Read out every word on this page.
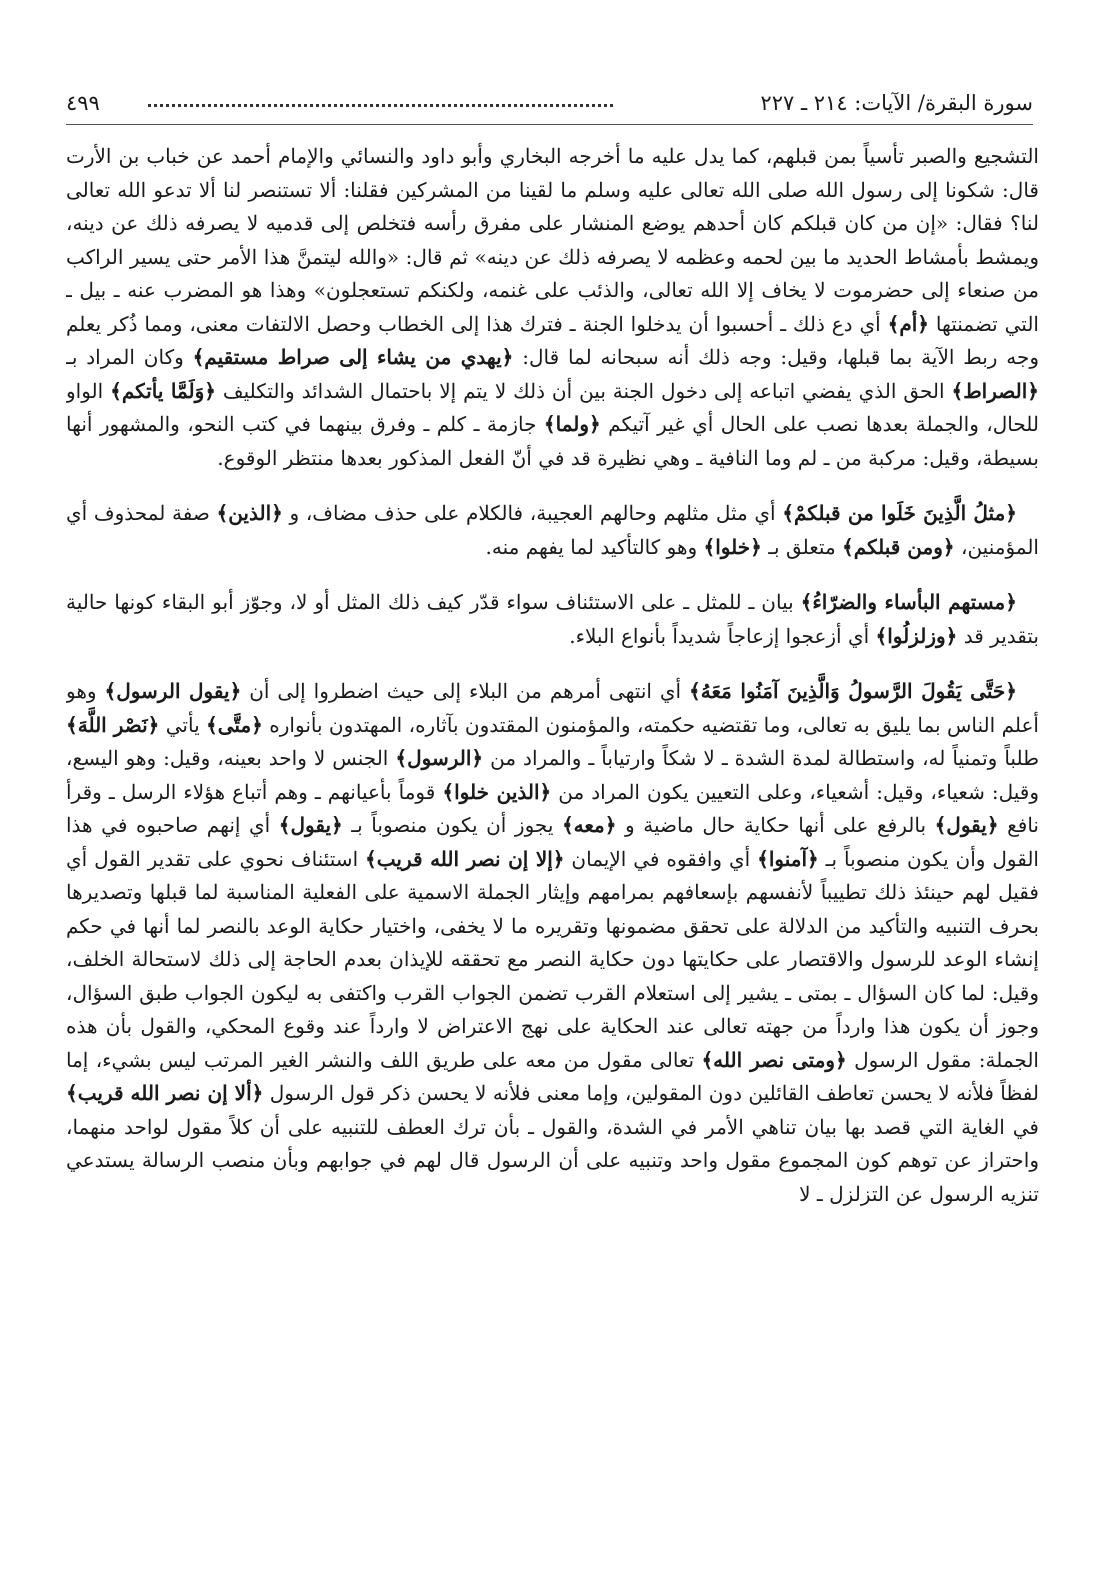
سورة البقرة/ الآيات: ٢١٤ ـ ٢٢٧
٤٩٩

التشجيع والصبر تأسياً بمن قبلهم، كما يدل عليه ما أخرجه البخاري وأبو داود والنسائي والإمام أحمد عن خباب بن الأرت قال: شكونا إلى رسول الله صلى الله تعالى عليه وسلم ما لقينا من المشركين فقلنا: ألا تستنصر لنا ألا تدعو الله تعالى لنا؟ فقال: «إن من كان قبلكم كان أحدهم يوضع المنشار على مفرق رأسه فتخلص إلى قدميه لا يصرفه ذلك عن دينه، ويمشط بأمشاط الحديد ما بين لحمه وعظمه لا يصرفه ذلك عن دينه» ثم قال: «والله ليتمنَّ هذا الأمر حتى يسير الراكب من صنعاء إلى حضرموت لا يخاف إلا الله تعالى، والذئب على غنمه، ولكنكم تستعجلون» وهذا هو المضرب عنه ـ بيل ـ التي تضمنتها ﴿أم﴾ أي دع ذلك ـ أحسبوا أن يدخلوا الجنة ـ فترك هذا إلى الخطاب وحصل الالتفات معنى، ومما ذُكر يعلم وجه ربط الآية بما قبلها، وقيل: وجه ذلك أنه سبحانه لما قال: ﴿يهدي من يشاء إلى صراط مستقيم﴾ وكان المراد بـ ﴿الصراط﴾ الحق الذي يفضي اتباعه إلى دخول الجنة بين أن ذلك لا يتم إلا باحتمال الشدائد والتكليف ﴿وَلَمَّا يأتكم﴾ الواو للحال، والجملة بعدها نصب على الحال أي غير آتيكم ﴿ولما﴾ جازمة ـ كلم ـ وفرق بينهما في كتب النحو، والمشهور أنها بسيطة، وقيل: مركبة من ـ لم وما النافية ـ وهي نظيرة قد في أنّ الفعل المذكور بعدها منتظر الوقوع.

﴿مثلُ الَّذِينَ خَلَوا من قبلكمْ﴾ أي مثل مثلهم وحالهم العجيبة، فالكلام على حذف مضاف، و ﴿الذين﴾ صفة لمحذوف أي المؤمنين، ﴿ومن قبلكم﴾ متعلق بـ ﴿خلوا﴾ وهو كالتأكيد لما يفهم منه.

﴿مستهم البأساء والضرّاءُ﴾ بيان ـ للمثل ـ على الاستئناف سواء قدّر كيف ذلك المثل أو لا، وجوّز أبو البقاء كونها حالية بتقدير قد ﴿وزلزلُوا﴾ أي أزعجوا إزعاجاً شديداً بأنواع البلاء.

﴿حَتَّى يَقُولَ الرَّسولُ وَالَّذِينَ آمَنُوا مَعَهُ﴾ أي انتهى أمرهم من البلاء إلى حيث اضطروا إلى أن ﴿يقول الرسول﴾ وهو أعلم الناس بما يليق به تعالى، وما تقتضيه حكمته، والمؤمنون المقتدون بآثاره، المهتدون بأنواره ﴿متَّى﴾ يأتي ﴿نَصْر اللَّهَ﴾ طلباً وتمنياً له، واستطالة لمدة الشدة ـ لا شكاً وارتياباً ـ والمراد من ﴿الرسول﴾ الجنس لا واحد بعينه، وقيل: وهو اليسع، وقيل: شعياء، وقيل: أشعياء، وعلى التعيين يكون المراد من ﴿الذين خلوا﴾ قوماً بأعيانهم ـ وهم أتباع هؤلاء الرسل ـ وقرأ نافع ﴿يقول﴾ بالرفع على أنها حكاية حال ماضية و ﴿معه﴾ يجوز أن يكون منصوباً بـ ﴿يقول﴾ أي إنهم صاحبوه في هذا القول وأن يكون منصوباً بـ ﴿آمنوا﴾ أي وافقوه في الإيمان ﴿إلا إن نصر الله قريب﴾ استئناف نحوي على تقدير القول أي فقيل لهم حينئذ ذلك تطييباً لأنفسهم بإسعافهم بمرامهم وإيثار الجملة الاسمية على الفعلية المناسبة لما قبلها وتصديرها بحرف التنبيه والتأكيد من الدلالة على تحقق مضمونها وتقريره ما لا يخفى، واختيار حكاية الوعد بالنصر لما أنها في حكم إنشاء الوعد للرسول والاقتصار على حكايتها دون حكاية النصر مع تحققه للإيذان بعدم الحاجة إلى ذلك لاستحالة الخلف، وقيل: لما كان السؤال ـ بمتى ـ يشير إلى استعلام القرب تضمن الجواب القرب واكتفى به ليكون الجواب طبق السؤال، وجوز أن يكون هذا وارداً من جهته تعالى عند الحكاية على نهج الاعتراض لا وارداً عند وقوع المحكي، والقول بأن هذه الجملة: مقول الرسول ﴿ومتى نصر الله﴾ تعالى مقول من معه على طريق اللف والنشر الغير المرتب ليس بشيء، إما لفظاً فلأنه لا يحسن تعاطف القائلين دون المقولين، وإما معنى فلأنه لا يحسن ذكر قول الرسول ﴿ألا إن نصر الله قريب﴾ في الغاية التي قصد بها بيان تناهي الأمر في الشدة، والقول ـ بأن ترك العطف للتنبيه على أن كلاً مقول لواحد منهما، واحتراز عن توهم كون المجموع مقول واحد وتنبيه على أن الرسول قال لهم في جوابهم وبأن منصب الرسالة يستدعي تنزيه الرسول عن التزلزل ـ لا
